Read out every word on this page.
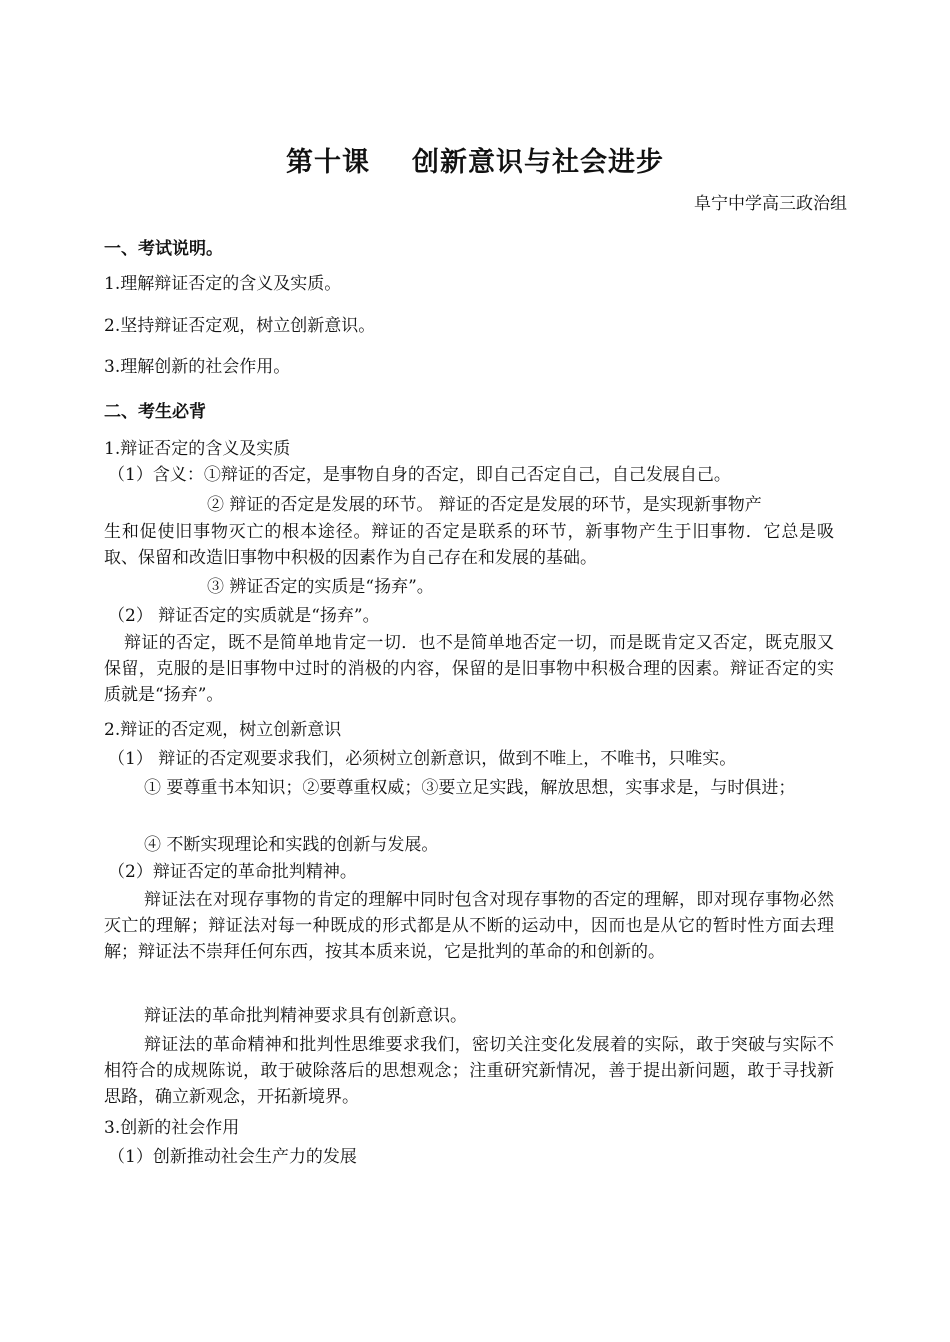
第十课 创新意识与社会进步
阜宁中学高三政治组
一、考试说明。
1.理解辩证否定的含义及实质。
2.坚持辩证否定观，树立创新意识。
3.理解创新的社会作用。
二、考生必背
1.辩证否定的含义及实质
（1）含义：①辩证的否定，是事物自身的否定，即自己否定自己，自己发展自己。
② 辩证的否定是发展的环节。 辩证的否定是发展的环节，是实现新事物产
生和促使旧事物灭亡的根本途径。辩证的否定是联系的环节，新事物产生于旧事物．它总是吸取、保留和改造旧事物中积极的因素作为自己存在和发展的基础。
③ 辨证否定的实质是“扬弃”。
（2） 辩证否定的实质就是“扬弃”。
辩证的否定，既不是简单地肯定一切．也不是简单地否定一切，而是既肯定又否定，既克服又保留，克服的是旧事物中过时的消极的内容，保留的是旧事物中积极合理的因素。辩证否定的实质就是“扬弃”。
2.辩证的否定观，树立创新意识
（1） 辩证的否定观要求我们，必须树立创新意识，做到不唯上，不唯书，只唯实。
① 要尊重书本知识；②要尊重权威；③要立足实践，解放思想，实事求是，与时俱进；
④ 不断实现理论和实践的创新与发展。
（2）辩证否定的革命批判精神。
辩证法在对现存事物的肯定的理解中同时包含对现存事物的否定的理解，即对现存事物必然灭亡的理解；辩证法对每一种既成的形式都是从不断的运动中，因而也是从它的暂时性方面去理解；辩证法不崇拜任何东西，按其本质来说，它是批判的革命的和创新的。
辩证法的革命批判精神要求具有创新意识。
辩证法的革命精神和批判性思维要求我们，密切关注变化发展着的实际，敢于突破与实际不相符合的成规陈说，敢于破除落后的思想观念；注重研究新情况，善于提出新问题，敢于寻找新思路，确立新观念，开拓新境界。
3.创新的社会作用
（1）创新推动社会生产力的发展
